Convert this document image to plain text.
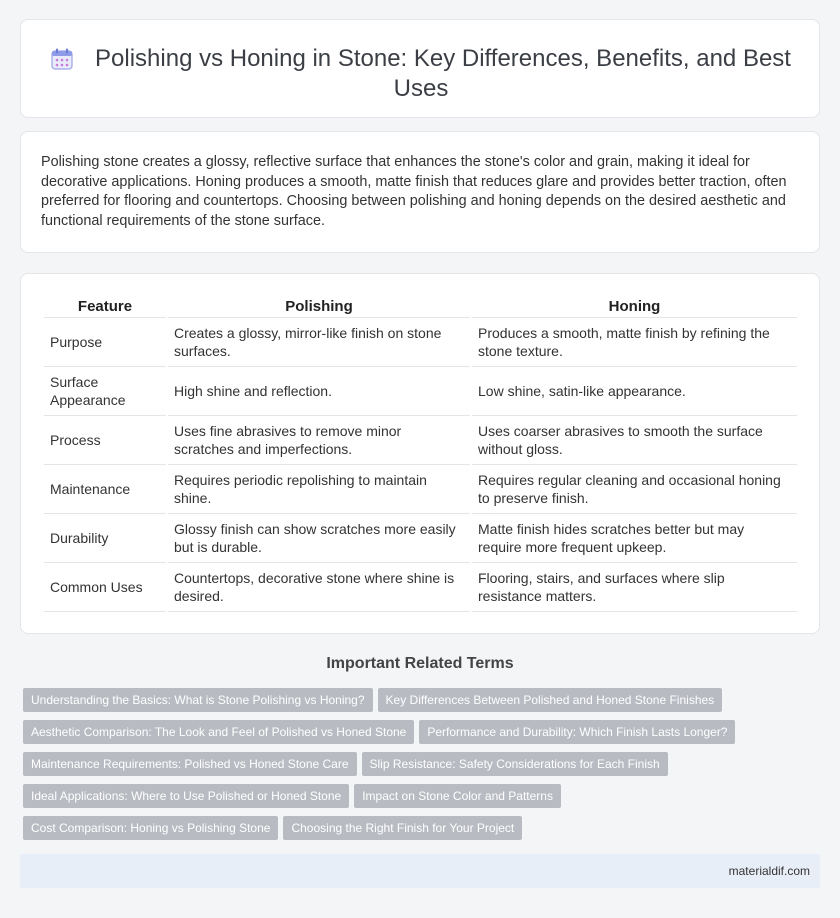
Polishing vs Honing in Stone: Key Differences, Benefits, and Best Uses

Polishing stone creates a glossy, reflective surface that enhances the stone's color and grain, making it ideal for decorative applications. Honing produces a smooth, matte finish that reduces glare and provides better traction, often preferred for flooring and countertops. Choosing between polishing and honing depends on the desired aesthetic and functional requirements of the stone surface.

Feature	Polishing	Honing
Purpose	Creates a glossy, mirror-like finish on stone surfaces.	Produces a smooth, matte finish by refining the stone texture.
Surface Appearance	High shine and reflection.	Low shine, satin-like appearance.
Process	Uses fine abrasives to remove minor scratches and imperfections.	Uses coarser abrasives to smooth the surface without gloss.
Maintenance	Requires periodic repolishing to maintain shine.	Requires regular cleaning and occasional honing to preserve finish.
Durability	Glossy finish can show scratches more easily but is durable.	Matte finish hides scratches better but may require more frequent upkeep.
Common Uses	Countertops, decorative stone where shine is desired.	Flooring, stairs, and surfaces where slip resistance matters.
Important Related Terms
Understanding the Basics: What is Stone Polishing vs Honing? Key Differences Between Polished and Honed Stone Finishes
Aesthetic Comparison: The Look and Feel of Polished vs Honed Stone Performance and Durability: Which Finish Lasts Longer?
Maintenance Requirements: Polished vs Honed Stone Care Slip Resistance: Safety Considerations for Each Finish
Ideal Applications: Where to Use Polished or Honed Stone Impact on Stone Color and Patterns
Cost Comparison: Honing vs Polishing Stone Choosing the Right Finish for Your Project
materialdif.com
